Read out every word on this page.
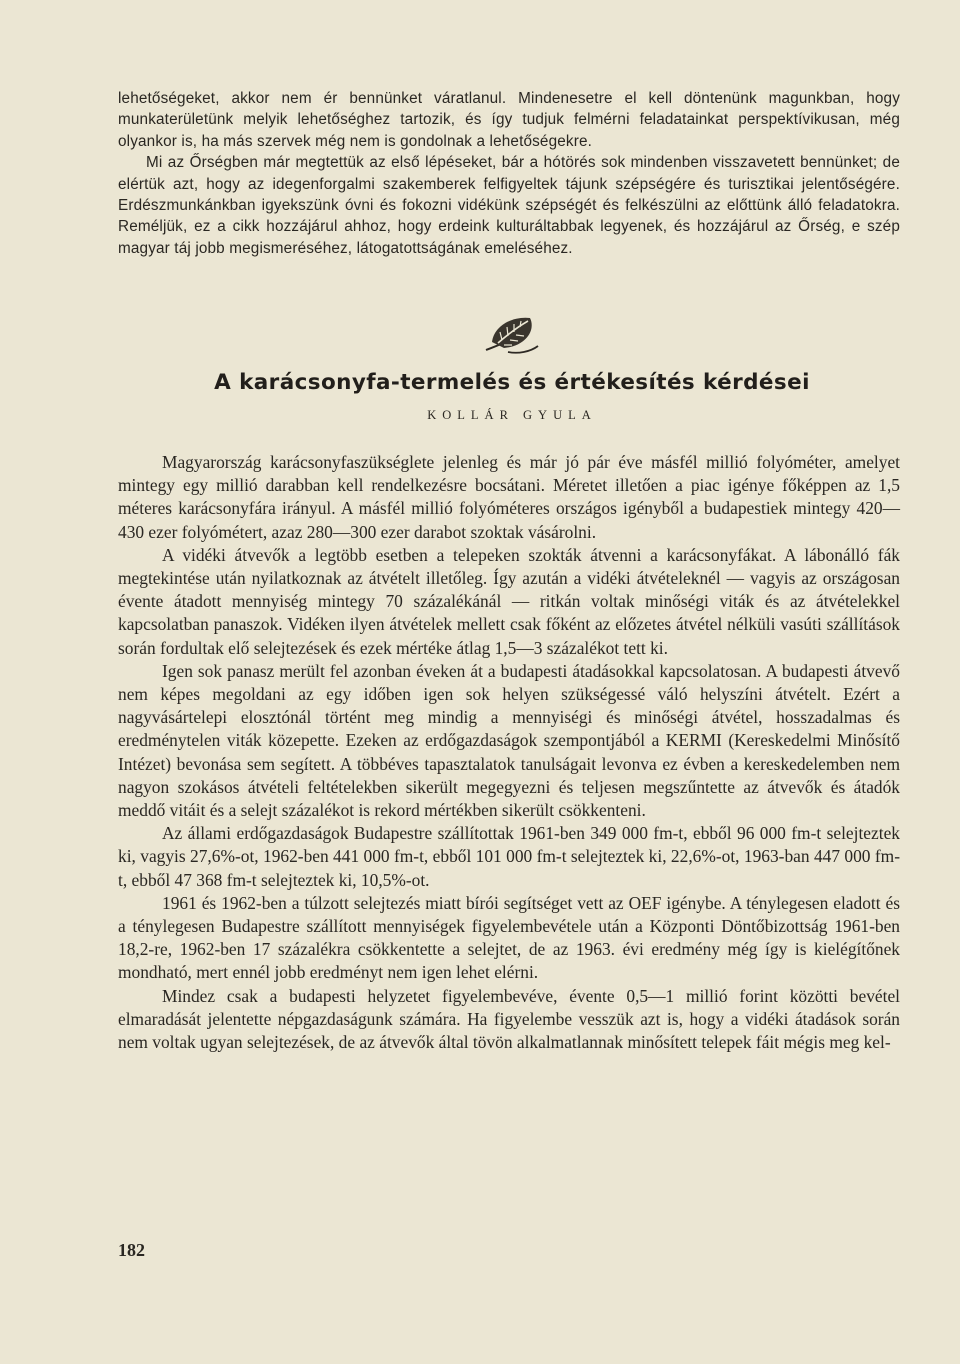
lehetőségeket, akkor nem ér bennünket váratlanul. Mindenesetre el kell döntenünk magunkban, hogy munkaterületünk melyik lehetőséghez tartozik, és így tudjuk felmérni feladatainkat perspektívikusan, még olyankor is, ha más szervek még nem is gondolnak a lehetőségekre.

Mi az Őrségben már megtettük az első lépéseket, bár a hótörés sok mindenben visszavetett bennünket; de elértük azt, hogy az idegenforgalmi szakemberek felfigyeltek tájunk szépségére és turisztikai jelentőségére. Erdészmunkánkban igyekszünk óvni és fokozni vidékünk szépségét és felkészülni az előttünk álló feladatokra. Reméljük, ez a cikk hozzájárul ahhoz, hogy erdeink kulturáltabbak legyenek, és hozzájárul az Őrség, e szép magyar táj jobb megismeréséhez, látogatottságának emeléséhez.

A karácsonyfa-termelés és értékesítés kérdései
KOLLÁR GYULA

Magyarország karácsonyfaszükséglete jelenleg és már jó pár éve másfél millió folyóméter, amelyet mintegy egy millió darabban kell rendelkezésre bocsátani. Méretet illetően a piac igénye főképpen az 1,5 méteres karácsonyfára irányul. A másfél millió folyóméteres országos igényből a budapestiek mintegy 420—430 ezer folyómétert, azaz 280—300 ezer darabot szoktak vásárolni.

A vidéki átvevők a legtöbb esetben a telepeken szokták átvenni a karácsonyfákat. A lábonálló fák megtekintése után nyilatkoznak az átvételt illetőleg. Így azután a vidéki átvételeknél — vagyis az országosan évente átadott mennyiség mintegy 70 százalékánál — ritkán voltak minőségi viták és az átvételekkel kapcsolatban panaszok. Vidéken ilyen átvételek mellett csak főként az előzetes átvétel nélküli vasúti szállítások során fordultak elő selejtezések és ezek mértéke átlag 1,5—3 százalékot tett ki.

Igen sok panasz merült fel azonban éveken át a budapesti átadásokkal kapcsolatosan. A budapesti átvevő nem képes megoldani az egy időben igen sok helyen szükségessé váló helyszíni átvételt. Ezért a nagyvásártelepi elosztónál történt meg mindig a mennyiségi és minőségi átvétel, hosszadalmas és eredménytelen viták közepette. Ezeken az erdőgazdaságok szempontjából a KERMI (Kereskedelmi Minősítő Intézet) bevonása sem segített. A többéves tapasztalatok tanulságait levonva ez évben a kereskedelemben nem nagyon szokásos átvételi feltételekben sikerült megegyezni és teljesen megszűntette az átvevők és átadók meddő vitáit és a selejt százalékot is rekord mértékben sikerült csökkenteni.

Az állami erdőgazdaságok Budapestre szállítottak 1961-ben 349 000 fm-t, ebből 96 000 fm-t selejteztek ki, vagyis 27,6%-ot, 1962-ben 441 000 fm-t, ebből 101 000 fm-t selejteztek ki, 22,6%-ot, 1963-ban 447 000 fm-t, ebből 47 368 fm-t selejteztek ki, 10,5%-ot.

1961 és 1962-ben a túlzott selejtezés miatt bírói segítséget vett az OEF igénybe. A ténylegesen eladott és a ténylegesen Budapestre szállított mennyiségek figyelembevétele után a Központi Döntőbizottság 1961-ben 18,2-re, 1962-ben 17 százalékra csökkentette a selejtet, de az 1963. évi eredmény még így is kielégítőnek mondható, mert ennél jobb eredményt nem igen lehet elérni.

Mindez csak a budapesti helyzetet figyelembevéve, évente 0,5—1 millió forint közötti bevétel elmaradását jelentette népgazdaságunk számára. Ha figyelembe vesszük azt is, hogy a vidéki átadások során nem voltak ugyan selejtezések, de az átvevők által tövön alkalmatlannak minősített telepek fáit mégis meg kel-

182
